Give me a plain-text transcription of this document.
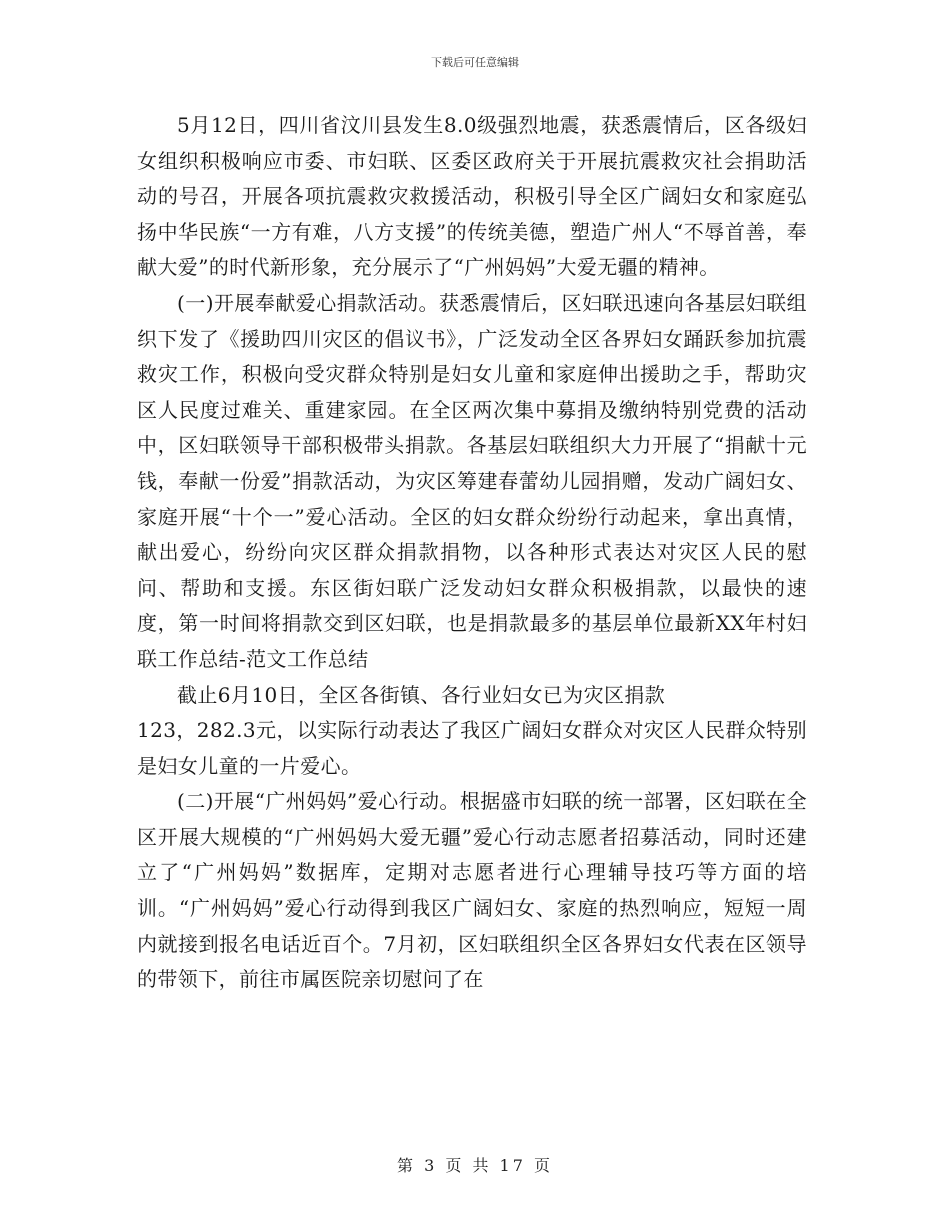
下载后可任意编辑

5月12日，四川省汶川县发生8.0级强烈地震，获悉震情后，区各级妇女组织积极响应市委、市妇联、区委区政府关于开展抗震救灾社会捐助活动的号召，开展各项抗震救灾救援活动，积极引导全区广阔妇女和家庭弘扬中华民族“一方有难，八方支援”的传统美德，塑造广州人“不辱首善，奉献大爱”的时代新形象，充分展示了“广州妈妈”大爱无疆的精神。

(一)开展奉献爱心捐款活动。获悉震情后，区妇联迅速向各基层妇联组织下发了《援助四川灾区的倡议书》，广泛发动全区各界妇女踊跃参加抗震救灾工作，积极向受灾群众特别是妇女儿童和家庭伸出援助之手，帮助灾区人民度过难关、重建家园。在全区两次集中募捐及缴纳特别党费的活动中，区妇联领导干部积极带头捐款。各基层妇联组织大力开展了“捐献十元钱，奉献一份爱”捐款活动，为灾区筹建春蕾幼儿园捐赠，发动广阔妇女、家庭开展“十个一”爱心活动。全区的妇女群众纷纷行动起来，拿出真情，献出爱心，纷纷向灾区群众捐款捐物，以各种形式表达对灾区人民的慰问、帮助和支援。东区街妇联广泛发动妇女群众积极捐款，以最快的速度，第一时间将捐款交到区妇联，也是捐款最多的基层单位最新XX年村妇联工作总结-范文工作总结

截止6月10日，全区各街镇、各行业妇女已为灾区捐款

123，282.3元，以实际行动表达了我区广阔妇女群众对灾区人民群众特别是妇女儿童的一片爱心。

(二)开展“广州妈妈”爱心行动。根据盛市妇联的统一部署，区妇联在全区开展大规模的“广州妈妈大爱无疆”爱心行动志愿者招募活动，同时还建立了“广州妈妈”数据库，定期对志愿者进行心理辅导技巧等方面的培训。“广州妈妈”爱心行动得到我区广阔妇女、家庭的热烈响应，短短一周内就接到报名电话近百个。7月初，区妇联组织全区各界妇女代表在区领导的带领下，前往市属医院亲切慰问了在

第 3 页 共 17 页
